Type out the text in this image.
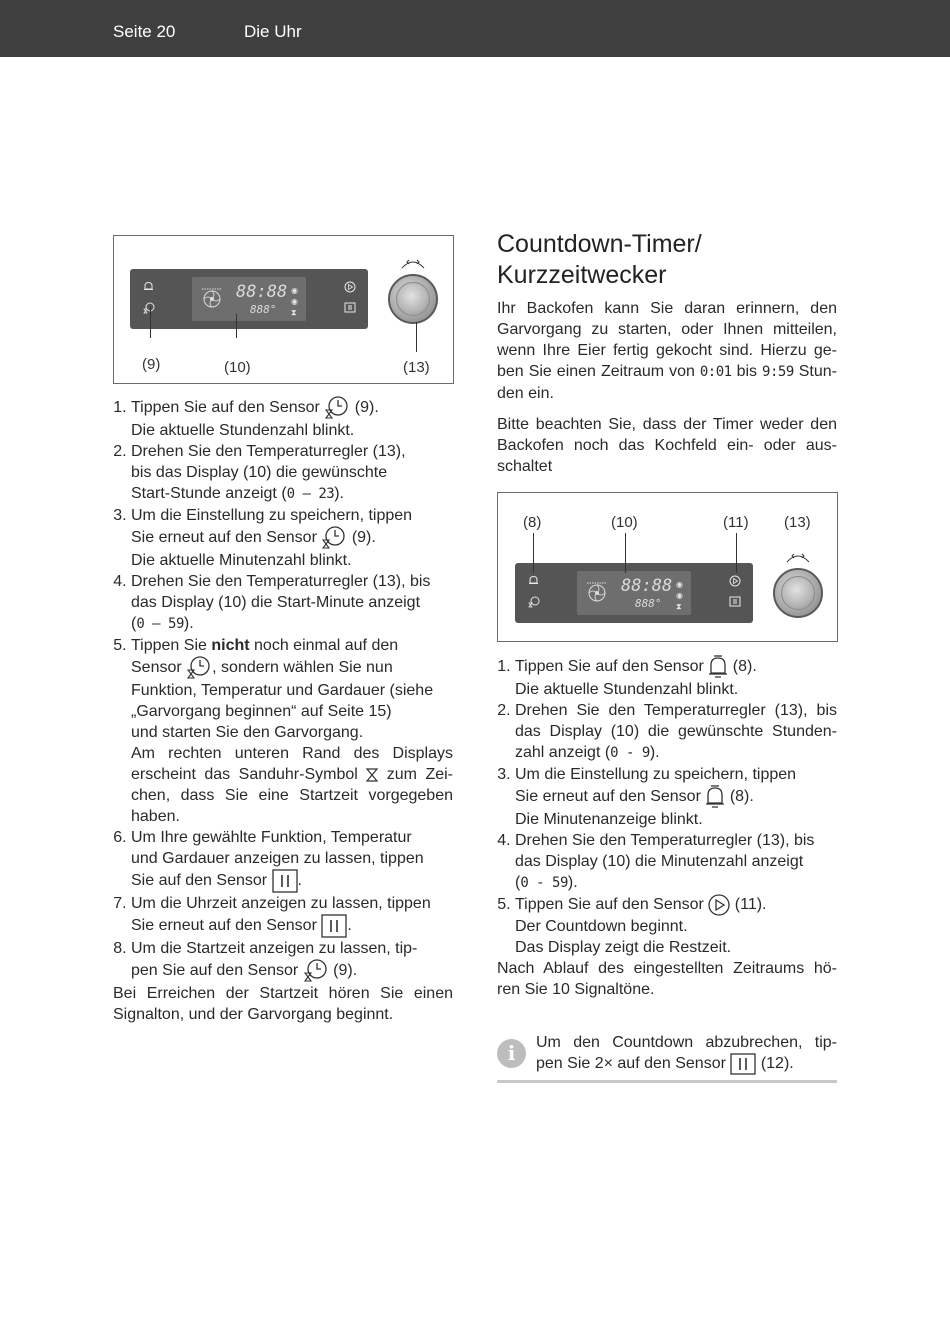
Seite 20	Die Uhr
88:88
888°
◉
◉
⧗
(9)	(10)	(13)
1. Tippen Sie auf den Sensor (9).
Die aktuelle Stundenzahl blinkt.
2. Drehen Sie den Temperaturregler (13),
bis das Display (10) die gewünschte
Start-Stunde anzeigt (0 – 23).
3. Um die Einstellung zu speichern, tippen
Sie erneut auf den Sensor (9).
Die aktuelle Minutenzahl blinkt.
4. Drehen Sie den Temperaturregler (13), bis
das Display (10) die Start-Minute anzeigt
(0 – 59).
5. Tippen Sie nicht noch einmal auf den
Sensor , sondern wählen Sie nun
Funktion, Temperatur und Gardauer (siehe
„Garvorgang beginnen“ auf Seite 15)
und starten Sie den Garvorgang.
Am rechten unteren Rand des Displays
erscheint das Sanduhr-Symbol zum Zei-
chen, dass Sie eine Startzeit vorgegeben
haben.
6. Um Ihre gewählte Funktion, Temperatur
und Gardauer anzeigen zu lassen, tippen
Sie auf den Sensor .
7. Um die Uhrzeit anzeigen zu lassen, tippen
Sie erneut auf den Sensor .
8. Um die Startzeit anzeigen zu lassen, tip-
pen Sie auf den Sensor (9).
Bei Erreichen der Startzeit hören Sie einen
Signalton, und der Garvorgang beginnt.
Countdown-Timer/
Kurzzeitwecker

Ihr Backofen kann Sie daran erinnern, den
Garvorgang zu starten, oder Ihnen mitteilen,
wenn Ihre Eier fertig gekocht sind. Hierzu ge-
ben Sie einen Zeitraum von 0:01 bis 9:59 Stun-
den ein.

Bitte beachten Sie, dass der Timer weder den
Backofen noch das Kochfeld ein- oder aus-
schaltet

88:88
888°
◉
◉
⧗
(8)	(10)	(11) (13)
1. Tippen Sie auf den Sensor (8).
Die aktuelle Stundenzahl blinkt.
2. Drehen Sie den Temperaturregler (13), bis
das Display (10) die gewünschte Stunden-
zahl anzeigt (0 - 9).
3. Um die Einstellung zu speichern, tippen
Sie erneut auf den Sensor (8).
Die Minutenanzeige blinkt.
4. Drehen Sie den Temperaturregler (13), bis
das Display (10) die Minutenzahl anzeigt
(0 - 59).
5. Tippen Sie auf den Sensor (11).
Der Countdown beginnt.
Das Display zeigt die Restzeit.
Nach Ablauf des eingestellten Zeitraums hö-
ren Sie 10 Signaltöne.
i	Um den Countdown abzubrechen, tip-
pen Sie 2× auf den Sensor (12).
